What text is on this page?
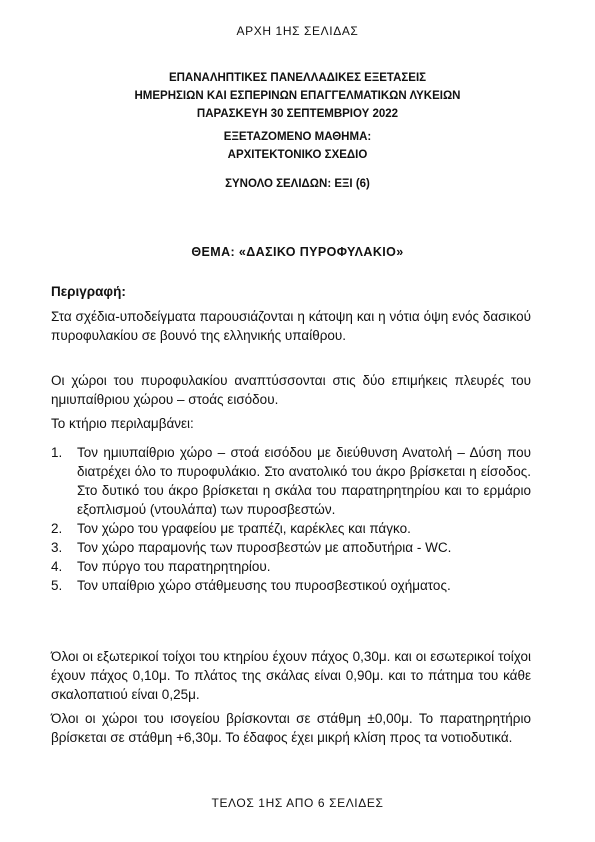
ΑΡΧΗ 1ΗΣ ΣΕΛΙΔΑΣ
ΕΠΑΝΑΛΗΠΤΙΚΕΣ ΠΑΝΕΛΛΑΔΙΚΕΣ ΕΞΕΤΑΣΕΙΣ
ΗΜΕΡΗΣΙΩΝ ΚΑΙ ΕΣΠΕΡΙΝΩΝ ΕΠΑΓΓΕΛΜΑΤΙΚΩΝ ΛΥΚΕΙΩΝ
ΠΑΡΑΣΚΕΥΗ 30 ΣΕΠΤΕΜΒΡΙΟΥ 2022
ΕΞΕΤΑΖΟΜΕΝΟ ΜΑΘΗΜΑ:
ΑΡΧΙΤΕΚΤΟΝΙΚΟ ΣΧΕΔΙΟ
ΣΥΝΟΛΟ ΣΕΛΙΔΩΝ: ΕΞΙ (6)
ΘΕΜΑ: «ΔΑΣΙΚΟ ΠΥΡΟΦΥΛΑΚΙΟ»
Περιγραφή:
Στα σχέδια-υποδείγματα παρουσιάζονται η κάτοψη και η νότια όψη ενός δασικού πυροφυλακίου σε βουνό της ελληνικής υπαίθρου.
Οι χώροι του πυροφυλακίου αναπτύσσονται στις δύο επιμήκεις πλευρές του ημιυπαίθριου χώρου – στοάς εισόδου.
Το κτήριο περιλαμβάνει:
1. Τον ημιυπαίθριο χώρο – στοά εισόδου με διεύθυνση Ανατολή – Δύση που διατρέχει όλο το πυροφυλάκιο. Στο ανατολικό του άκρο βρίσκεται η είσοδος. Στο δυτικό του άκρο βρίσκεται η σκάλα του παρατηρητηρίου και το ερμάριο εξοπλισμού (ντουλάπα) των πυροσβεστών.
2. Τον χώρο του γραφείου με τραπέζι, καρέκλες και πάγκο.
3. Τον χώρο παραμονής των πυροσβεστών με αποδυτήρια - WC.
4. Τον πύργο του παρατηρητηρίου.
5. Τον υπαίθριο χώρο στάθμευσης του πυροσβεστικού οχήματος.
Όλοι οι εξωτερικοί τοίχοι του κτηρίου έχουν πάχος 0,30μ. και οι εσωτερικοί τοίχοι έχουν πάχος 0,10μ. Το πλάτος της σκάλας είναι 0,90μ. και το πάτημα του κάθε σκαλοπατιού είναι 0,25μ.
Όλοι οι χώροι του ισογείου βρίσκονται σε στάθμη ±0,00μ. Το παρατηρητήριο βρίσκεται σε στάθμη +6,30μ. Το έδαφος έχει μικρή κλίση προς τα νοτιοδυτικά.
ΤΕΛΟΣ 1ΗΣ ΑΠΟ 6 ΣΕΛΙΔΕΣ
